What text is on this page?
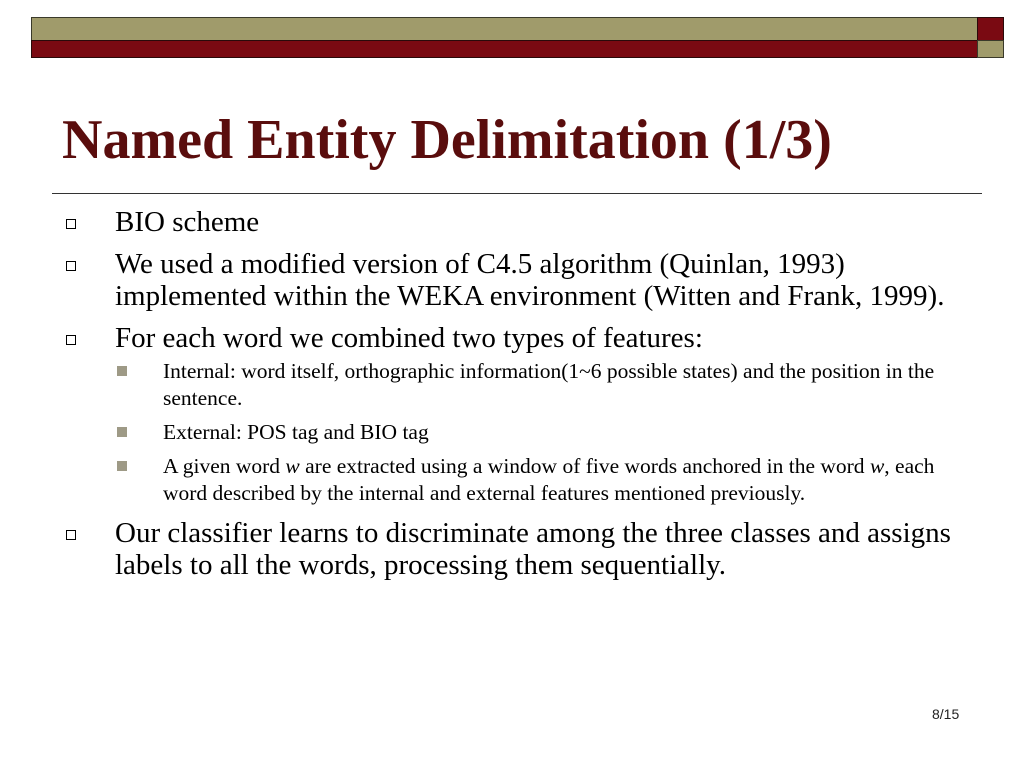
Named Entity Delimitation (1/3)
BIO scheme
We used a modified version of C4.5 algorithm (Quinlan, 1993) implemented within the WEKA environment (Witten and Frank, 1999).
For each word we combined two types of features:
Internal: word itself, orthographic information(1~6 possible states) and the position in the sentence.
External: POS tag and BIO tag
A given word w are extracted using a window of five words anchored in the word w, each word described by the internal and external features mentioned previously.
Our classifier learns to discriminate among the three classes and assigns labels to all the words, processing them sequentially.
8/15
